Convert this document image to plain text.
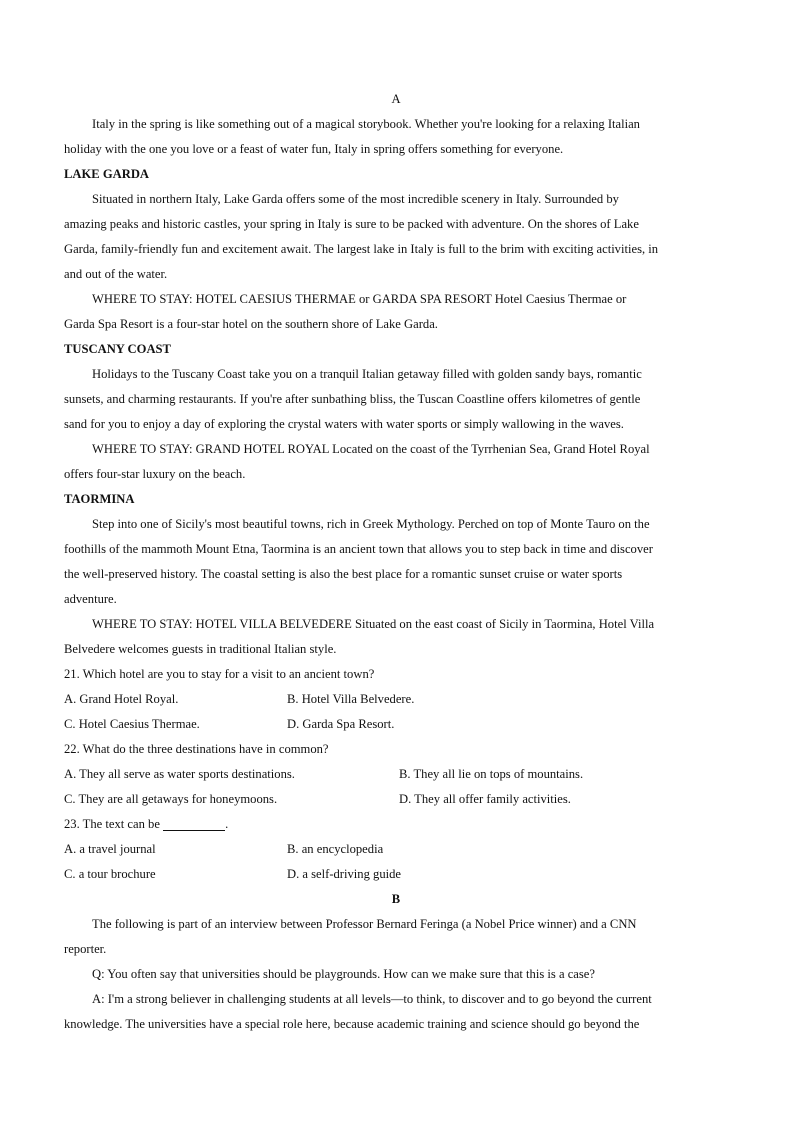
A
Italy in the spring is like something out of a magical storybook. Whether you're looking for a relaxing Italian
holiday with the one you love or a feast of water fun, Italy in spring offers something for everyone.
LAKE GARDA
Situated in northern Italy, Lake Garda offers some of the most incredible scenery in Italy. Surrounded by
amazing peaks and historic castles, your spring in Italy is sure to be packed with adventure. On the shores of Lake
Garda, family-friendly fun and excitement await. The largest lake in Italy is full to the brim with exciting activities, in
and out of the water.
WHERE TO STAY: HOTEL CAESIUS THERMAE or GARDA SPA RESORT Hotel Caesius Thermae or
Garda Spa Resort is a four-star hotel on the southern shore of Lake Garda.
TUSCANY COAST
Holidays to the Tuscany Coast take you on a tranquil Italian getaway filled with golden sandy bays, romantic
sunsets, and charming restaurants. If you're after sunbathing bliss, the Tuscan Coastline offers kilometres of gentle
sand for you to enjoy a day of exploring the crystal waters with water sports or simply wallowing in the waves.
WHERE TO STAY: GRAND HOTEL ROYAL Located on the coast of the Tyrrhenian Sea, Grand Hotel Royal
offers four-star luxury on the beach.
TAORMINA
Step into one of Sicily's most beautiful towns, rich in Greek Mythology. Perched on top of Monte Tauro on the
foothills of the mammoth Mount Etna, Taormina is an ancient town that allows you to step back in time and discover
the well-preserved history. The coastal setting is also the best place for a romantic sunset cruise or water sports
adventure.
WHERE TO STAY: HOTEL VILLA BELVEDERE Situated on the east coast of Sicily in Taormina, Hotel Villa
Belvedere welcomes guests in traditional Italian style.
21. Which hotel are you to stay for a visit to an ancient town?
A. Grand Hotel Royal.	B. Hotel Villa Belvedere.
C. Hotel Caesius Thermae.	D. Garda Spa Resort.
22. What do the three destinations have in common?
A. They all serve as water sports destinations.	B. They all lie on tops of mountains.
C. They are all getaways for honeymoons.	D. They all offer family activities.
23. The text can be	.
A. a travel journal	B. an encyclopedia
C. a tour brochure	D. a self-driving guide
B
The following is part of an interview between Professor Bernard Feringa (a Nobel Price winner) and a CNN
reporter.
Q: You often say that universities should be playgrounds. How can we make sure that this is a case?
A: I'm a strong believer in challenging students at all levels—to think, to discover and to go beyond the current
knowledge. The universities have a special role here, because academic training and science should go beyond the
